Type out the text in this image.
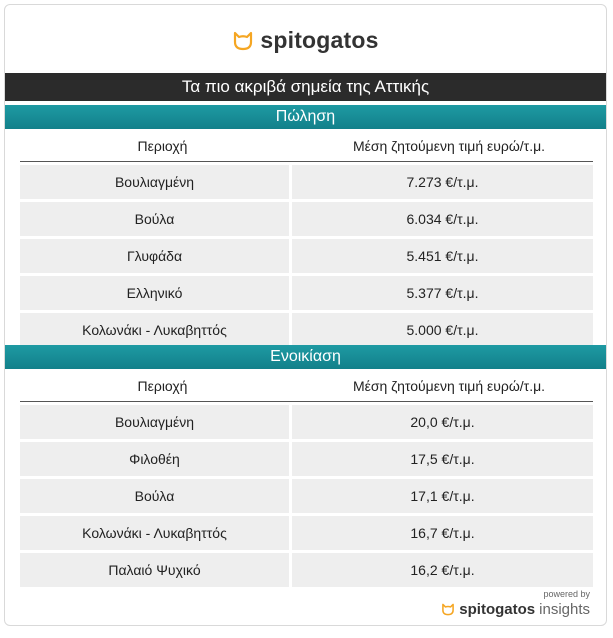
spitogatos
Τα πιο ακριβά σημεία της Αττικής
Πώληση
Περιοχή	Μέση ζητούμενη τιμή ευρώ/τ.μ.
Βουλιαγμένη	7.273 €/τ.μ.
Βούλα	6.034 €/τ.μ.
Γλυφάδα	5.451 €/τ.μ.
Ελληνικό	5.377 €/τ.μ.
Κολωνάκι - Λυκαβηττός	5.000 €/τ.μ.
Ενοικίαση
Περιοχή	Μέση ζητούμενη τιμή ευρώ/τ.μ.
Βουλιαγμένη	20,0 €/τ.μ.
Φιλοθέη	17,5 €/τ.μ.
Βούλα	17,1 €/τ.μ.
Κολωνάκι - Λυκαβηττός	16,7 €/τ.μ.
Παλαιό Ψυχικό	16,2 €/τ.μ.
powered by
spitogatos insights
